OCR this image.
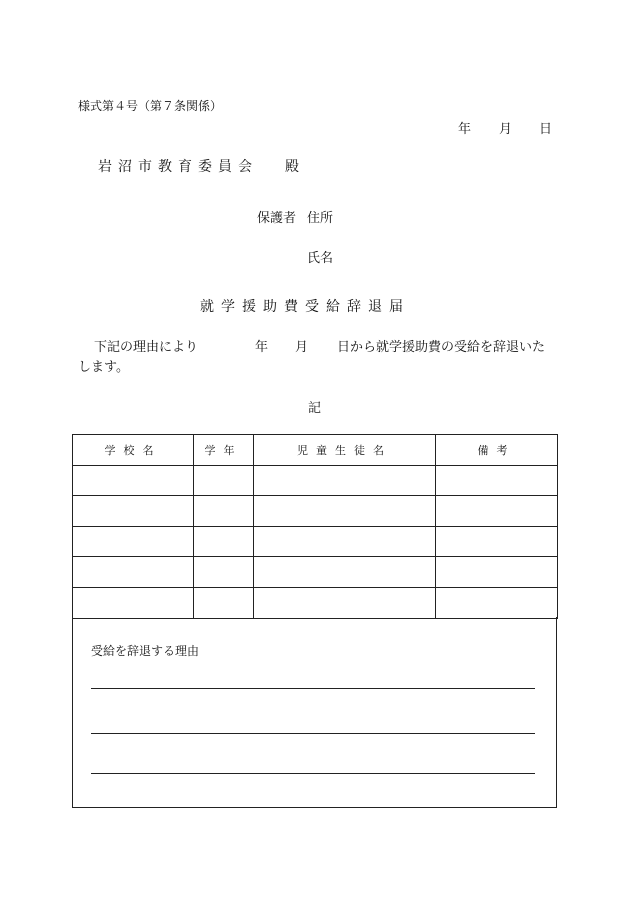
様式第４号（第７条関係）
年 月 日
岩沼市教育委員会 殿
保護者 住所
氏名
就学援助費受給辞退届
下記の理由により	年 月 日から就学援助費の受給を辞退いた
します。
記
学校名	学年	児童生徒名	備考

受給を辞退する理由
